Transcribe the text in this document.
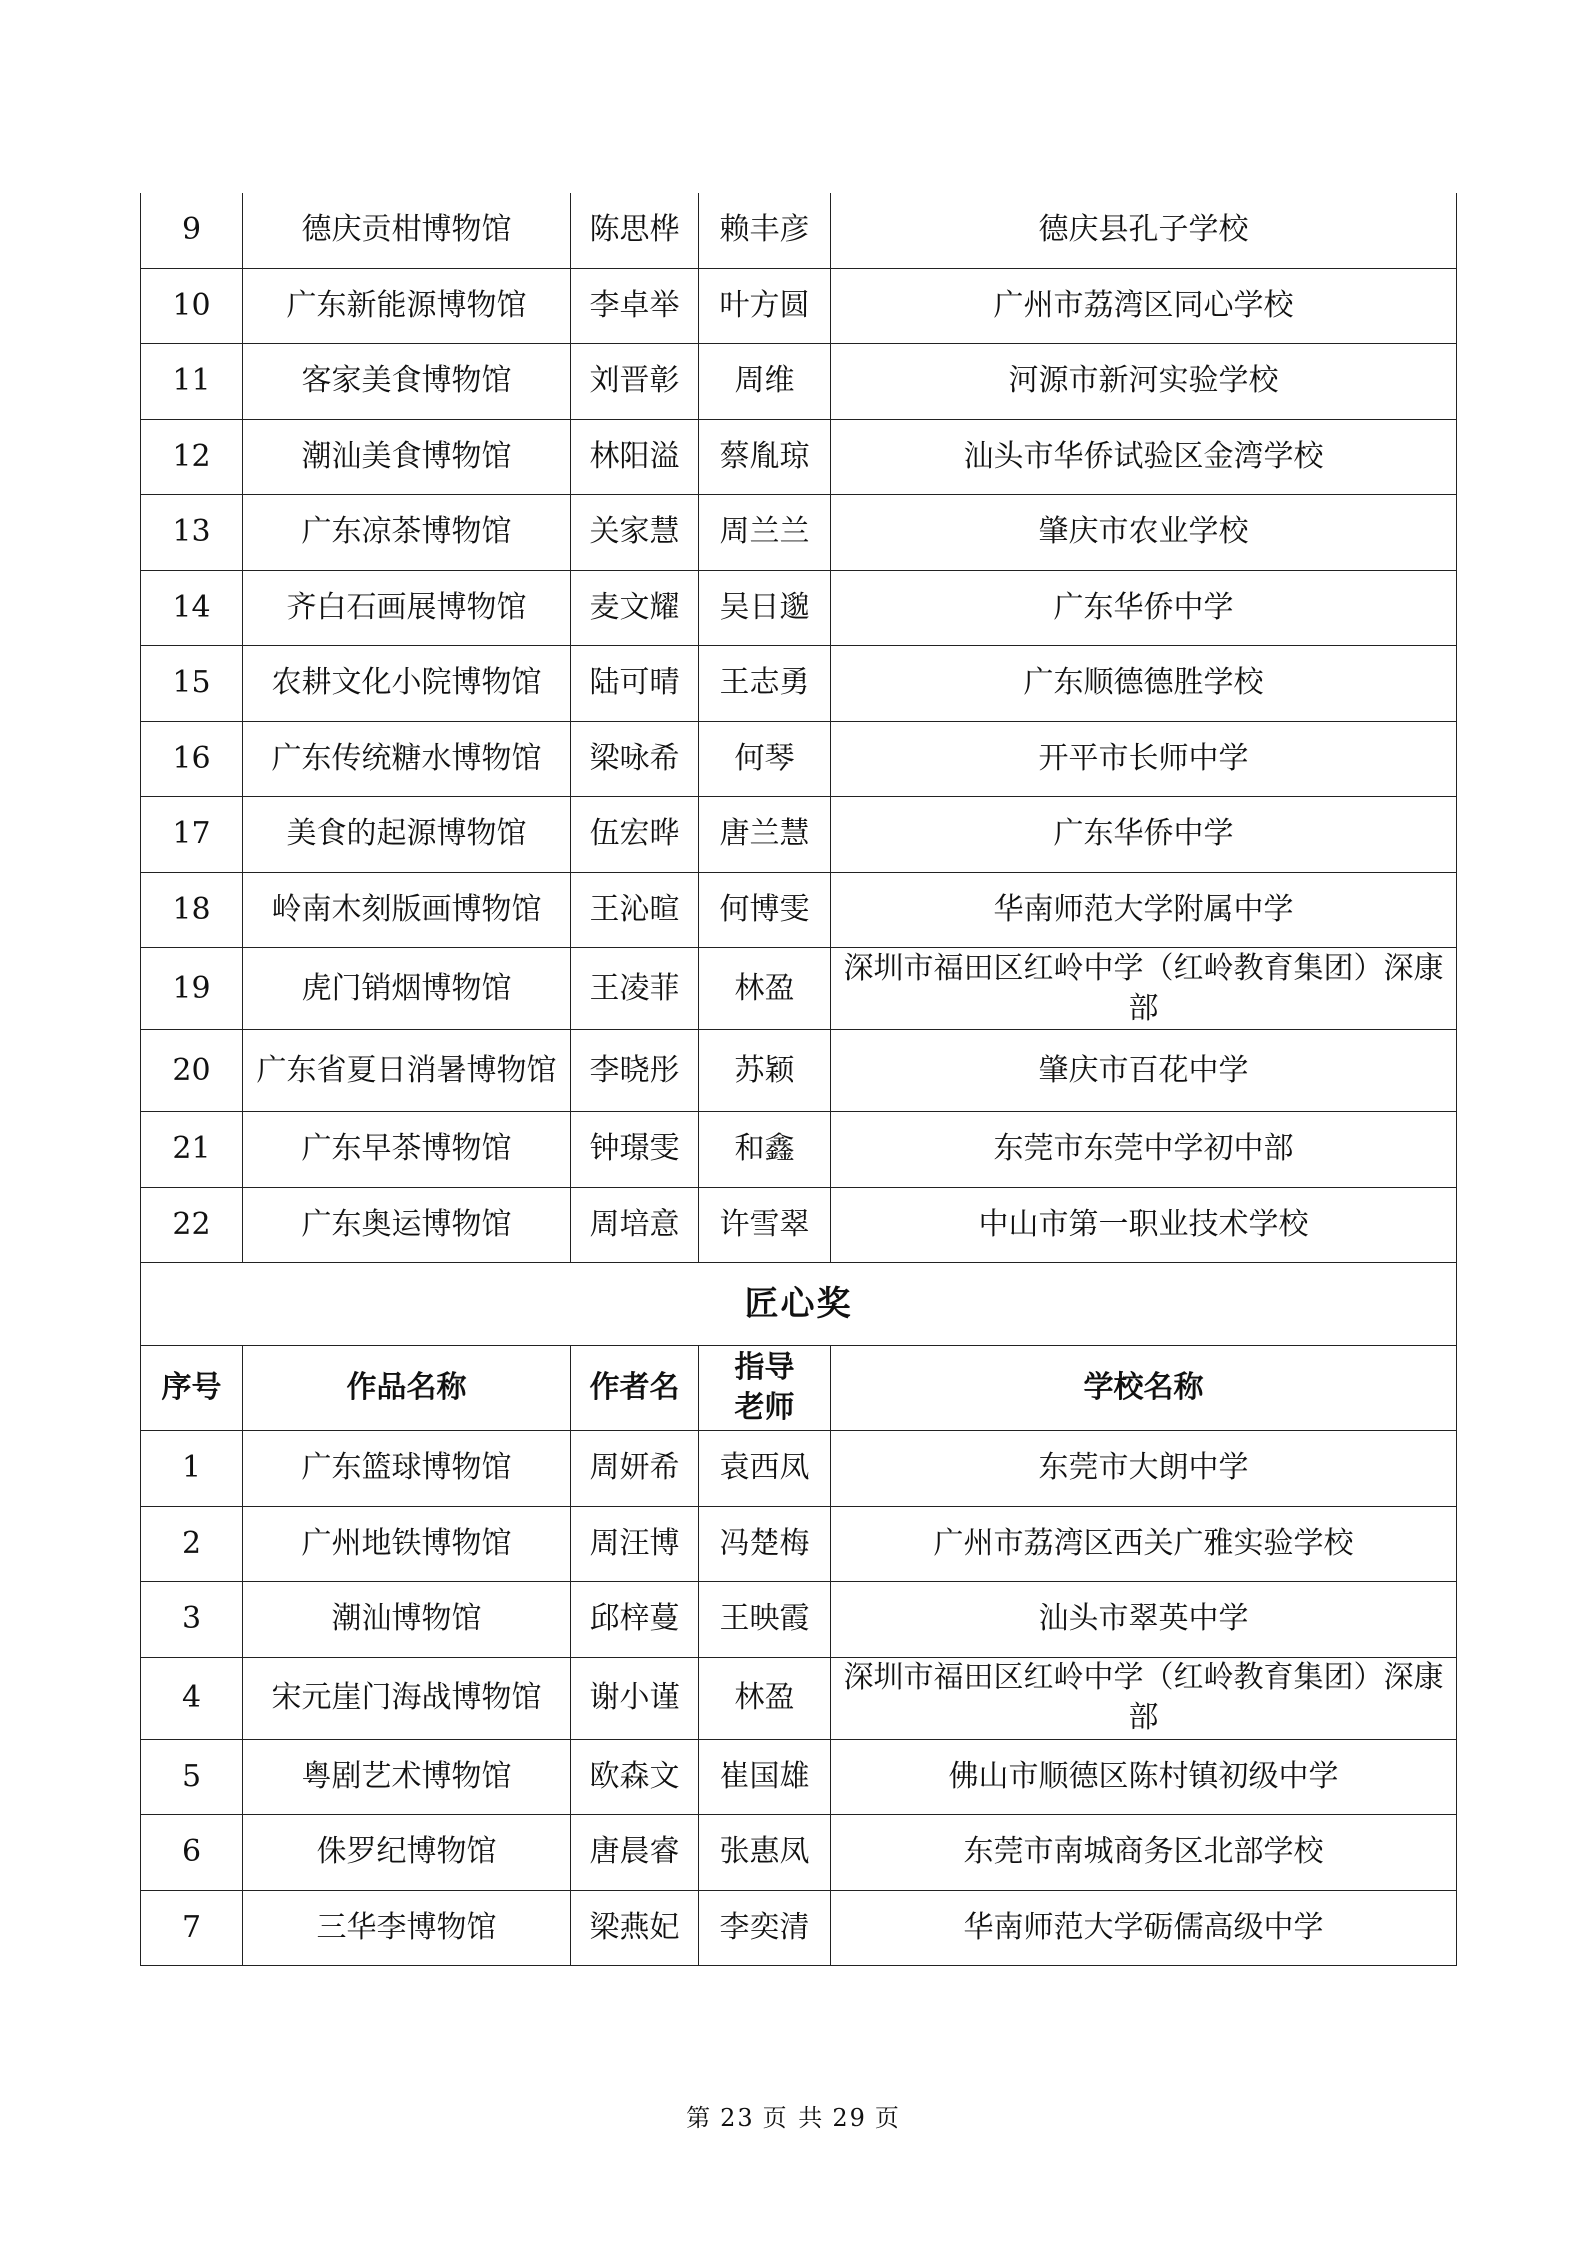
9	德庆贡柑博物馆	陈思桦	赖丰彦	德庆县孔子学校
10	广东新能源博物馆	李卓举	叶方圆	广州市荔湾区同心学校
11	客家美食博物馆	刘晋彰	周维	河源市新河实验学校
12	潮汕美食博物馆	林阳溢	蔡胤琼	汕头市华侨试验区金湾学校
13	广东凉茶博物馆	关家慧	周兰兰	肇庆市农业学校
14	齐白石画展博物馆	麦文耀	吴日邈	广东华侨中学
15	农耕文化小院博物馆	陆可晴	王志勇	广东顺德德胜学校
16	广东传统糖水博物馆	梁咏希	何琴	开平市长师中学
17	美食的起源博物馆	伍宏晔	唐兰慧	广东华侨中学
18	岭南木刻版画博物馆	王沁暄	何博雯	华南师范大学附属中学
19	虎门销烟博物馆	王凌菲	林盈	深圳市福田区红岭中学（红岭教育集团）深康部
20	广东省夏日消暑博物馆	李晓彤	苏颖	肇庆市百花中学
21	广东早茶博物馆	钟璟雯	和鑫	东莞市东莞中学初中部
22	广东奥运博物馆	周培意	许雪翠	中山市第一职业技术学校
匠心奖				
序号	作品名称	作者名	指导老师	学校名称
1	广东篮球博物馆	周妍希	袁西凤	东莞市大朗中学
2	广州地铁博物馆	周汪博	冯楚梅	广州市荔湾区西关广雅实验学校
3	潮汕博物馆	邱梓蔓	王映霞	汕头市翠英中学
4	宋元崖门海战博物馆	谢小谨	林盈	深圳市福田区红岭中学（红岭教育集团）深康部
5	粤剧艺术博物馆	欧森文	崔国雄	佛山市顺德区陈村镇初级中学
6	侏罗纪博物馆	唐晨睿	张惠凤	东莞市南城商务区北部学校
7	三华李博物馆	梁燕妃	李奕清	华南师范大学砺儒高级中学
第 23 页 共 29 页
